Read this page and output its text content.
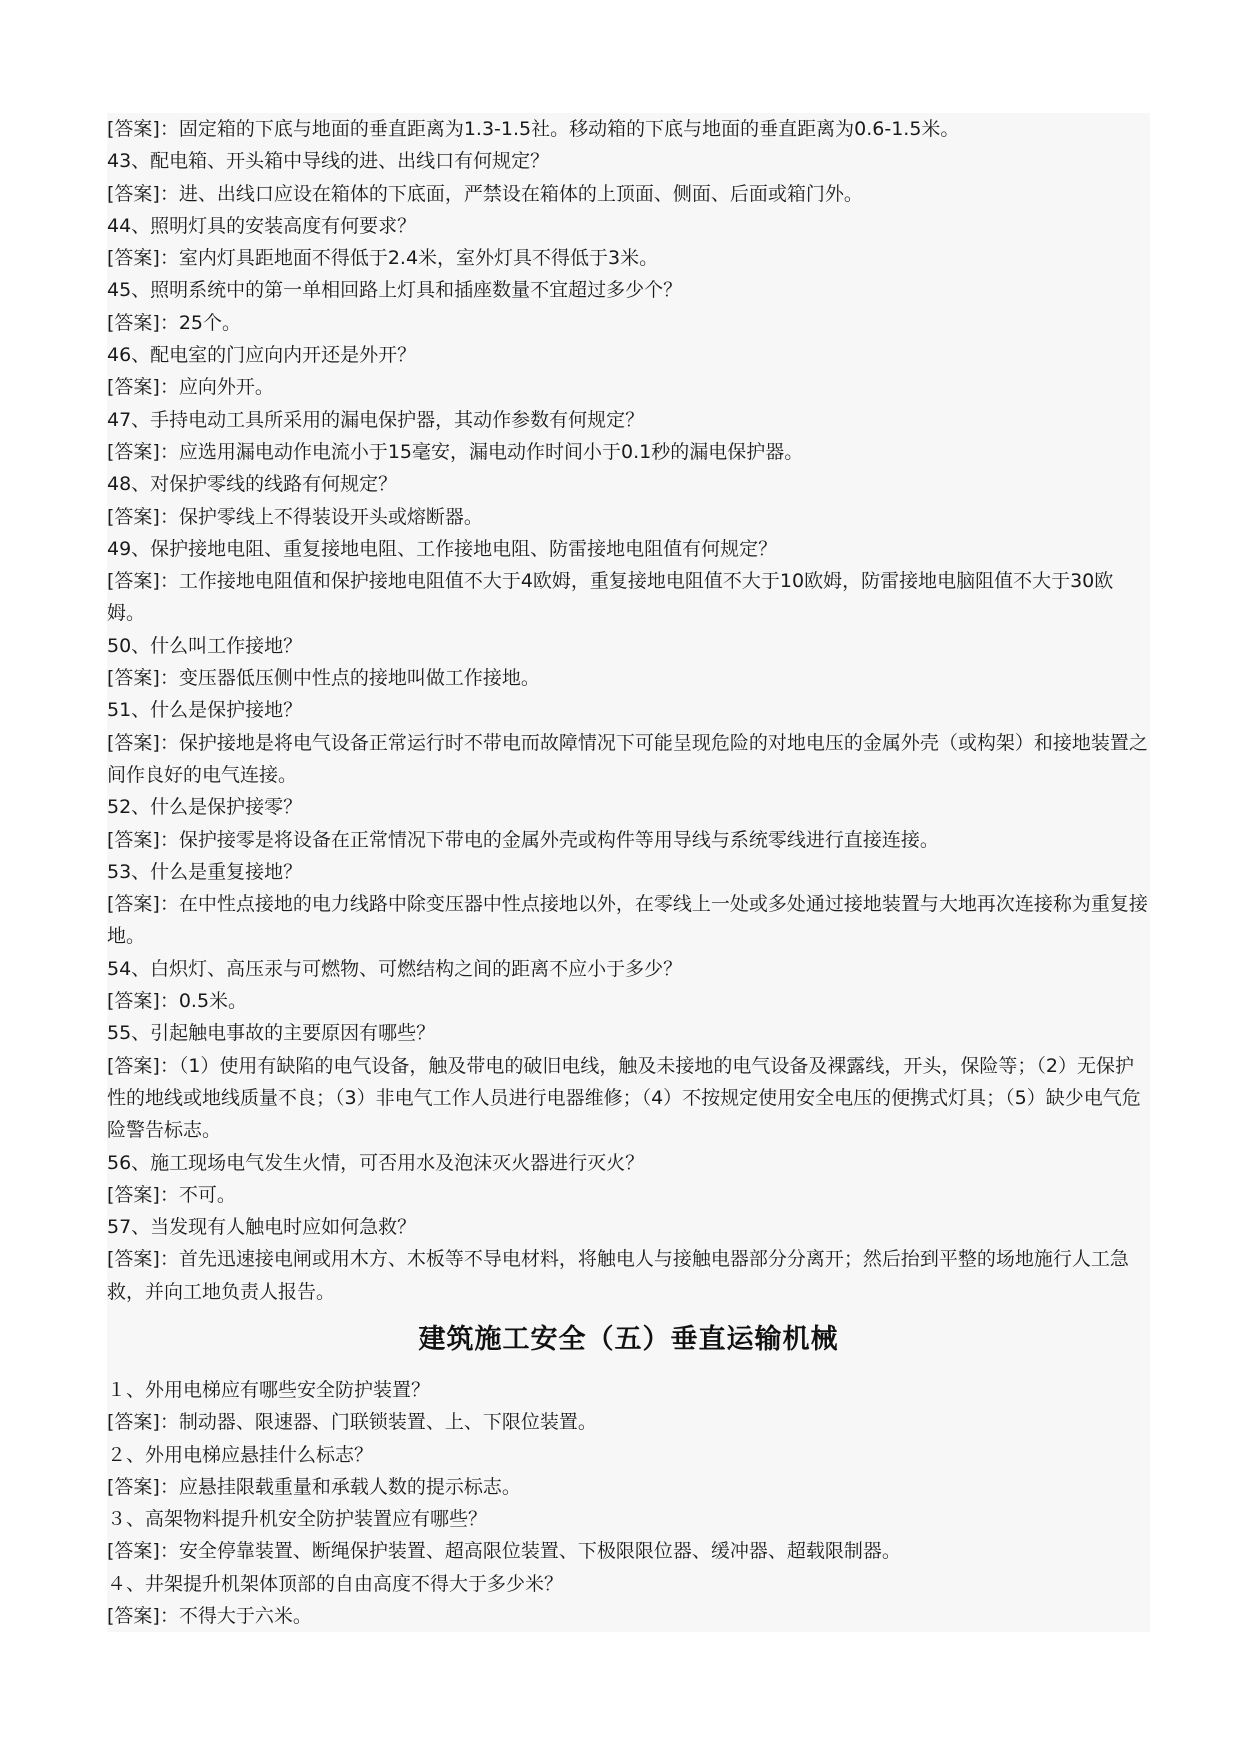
[答案]：固定箱的下底与地面的垂直距离为1.3-1.5社。移动箱的下底与地面的垂直距离为0.6-1.5米。

43、配电箱、开头箱中导线的进、出线口有何规定？

[答案]：进、出线口应设在箱体的下底面，严禁设在箱体的上顶面、侧面、后面或箱门外。

44、照明灯具的安装高度有何要求？

[答案]：室内灯具距地面不得低于2.4米，室外灯具不得低于3米。

45、照明系统中的第一单相回路上灯具和插座数量不宜超过多少个？

[答案]：25个。

46、配电室的门应向内开还是外开？

[答案]：应向外开。

47、手持电动工具所采用的漏电保护器，其动作参数有何规定？

[答案]：应选用漏电动作电流小于15毫安，漏电动作时间小于0.1秒的漏电保护器。

48、对保护零线的线路有何规定？

[答案]：保护零线上不得装设开头或熔断器。

49、保护接地电阻、重复接地电阻、工作接地电阻、防雷接地电阻值有何规定？

[答案]：工作接地电阻值和保护接地电阻值不大于4欧姆，重复接地电阻值不大于10欧姆，防雷接地电脑阻值不大于30欧姆。

50、什么叫工作接地？

[答案]：变压器低压侧中性点的接地叫做工作接地。

51、什么是保护接地？

[答案]：保护接地是将电气设备正常运行时不带电而故障情况下可能呈现危险的对地电压的金属外壳（或构架）和接地装置之间作良好的电气连接。

52、什么是保护接零？

[答案]：保护接零是将设备在正常情况下带电的金属外壳或构件等用导线与系统零线进行直接连接。

53、什么是重复接地？

[答案]：在中性点接地的电力线路中除变压器中性点接地以外，在零线上一处或多处通过接地装置与大地再次连接称为重复接地。

54、白炽灯、高压汞与可燃物、可燃结构之间的距离不应小于多少？

[答案]：0.5米。

55、引起触电事故的主要原因有哪些？

[答案]：（1）使用有缺陷的电气设备，触及带电的破旧电线，触及未接地的电气设备及裸露线，开头，保险等；（2）无保护性的地线或地线质量不良；（3）非电气工作人员进行电器维修；（4）不按规定使用安全电压的便携式灯具；（5）缺少电气危险警告标志。

56、施工现场电气发生火情，可否用水及泡沫灭火器进行灭火？

[答案]：不可。

57、当发现有人触电时应如何急救？

[答案]：首先迅速接电闸或用木方、木板等不导电材料，将触电人与接触电器部分分离开；然后抬到平整的场地施行人工急救，并向工地负责人报告。

建筑施工安全（五）垂直运输机械

１、外用电梯应有哪些安全防护装置？

[答案]：制动器、限速器、门联锁装置、上、下限位装置。

２、外用电梯应悬挂什么标志？

[答案]：应悬挂限载重量和承载人数的提示标志。

３、高架物料提升机安全防护装置应有哪些？

[答案]：安全停靠装置、断绳保护装置、超高限位装置、下极限限位器、缓冲器、超载限制器。

４、井架提升机架体顶部的自由高度不得大于多少米？

[答案]：不得大于六米。
